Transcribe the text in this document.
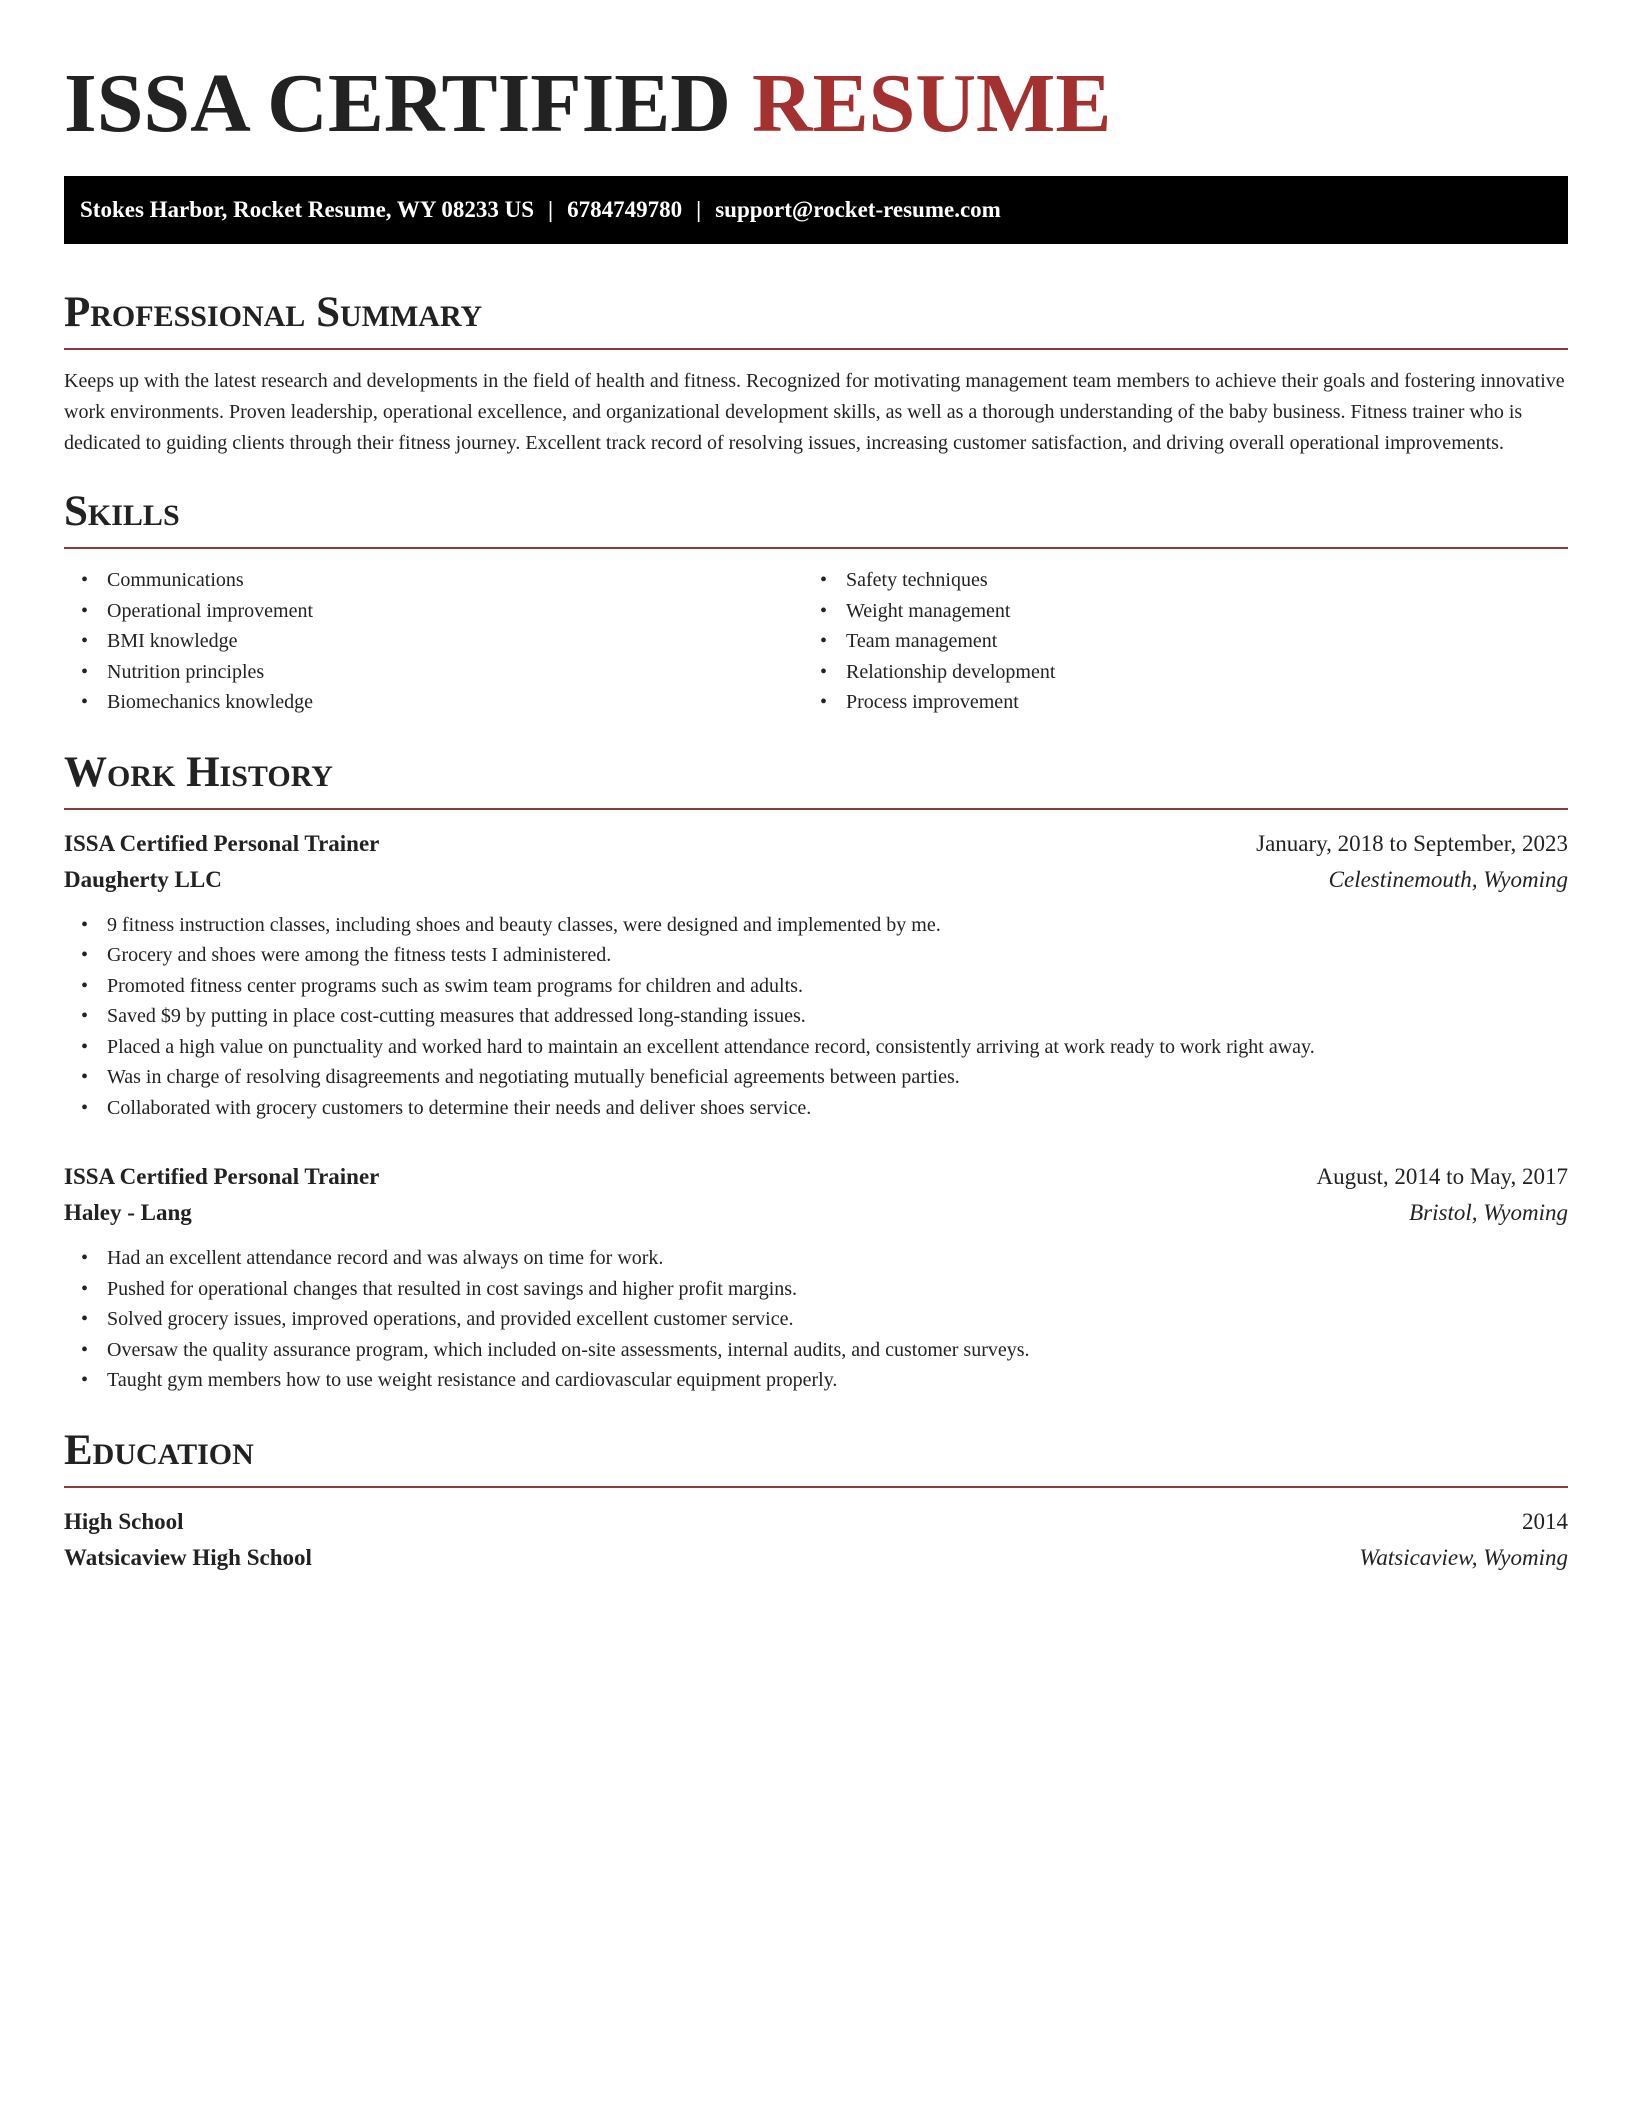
ISSA CERTIFIED RESUME
Stokes Harbor, Rocket Resume, WY 08233 US | 6784749780 | support@rocket-resume.com
Professional Summary

Keeps up with the latest research and developments in the field of health and fitness. Recognized for motivating management team members to achieve their goals and fostering innovative work environments. Proven leadership, operational excellence, and organizational development skills, as well as a thorough understanding of the baby business. Fitness trainer who is dedicated to guiding clients through their fitness journey. Excellent track record of resolving issues, increasing customer satisfaction, and driving overall operational improvements.

Skills
• Communications
• Operational improvement
• BMI knowledge
• Nutrition principles
• Biomechanics knowledge
• Safety techniques
• Weight management
• Team management
• Relationship development
• Process improvement
Work History
ISSA Certified Personal Trainer	January, 2018 to September, 2023
Daugherty LLC	Celestinemouth, Wyoming
• 9 fitness instruction classes, including shoes and beauty classes, were designed and implemented by me.
• Grocery and shoes were among the fitness tests I administered.
• Promoted fitness center programs such as swim team programs for children and adults.
• Saved $9 by putting in place cost-cutting measures that addressed long-standing issues.
• Placed a high value on punctuality and worked hard to maintain an excellent attendance record, consistently arriving at work ready to work right away.
• Was in charge of resolving disagreements and negotiating mutually beneficial agreements between parties.
• Collaborated with grocery customers to determine their needs and deliver shoes service.
ISSA Certified Personal Trainer	August, 2014 to May, 2017
Haley - Lang	Bristol, Wyoming
• Had an excellent attendance record and was always on time for work.
• Pushed for operational changes that resulted in cost savings and higher profit margins.
• Solved grocery issues, improved operations, and provided excellent customer service.
• Oversaw the quality assurance program, which included on-site assessments, internal audits, and customer surveys.
• Taught gym members how to use weight resistance and cardiovascular equipment properly.
Education
High School	2014
Watsicaview High School	Watsicaview, Wyoming
